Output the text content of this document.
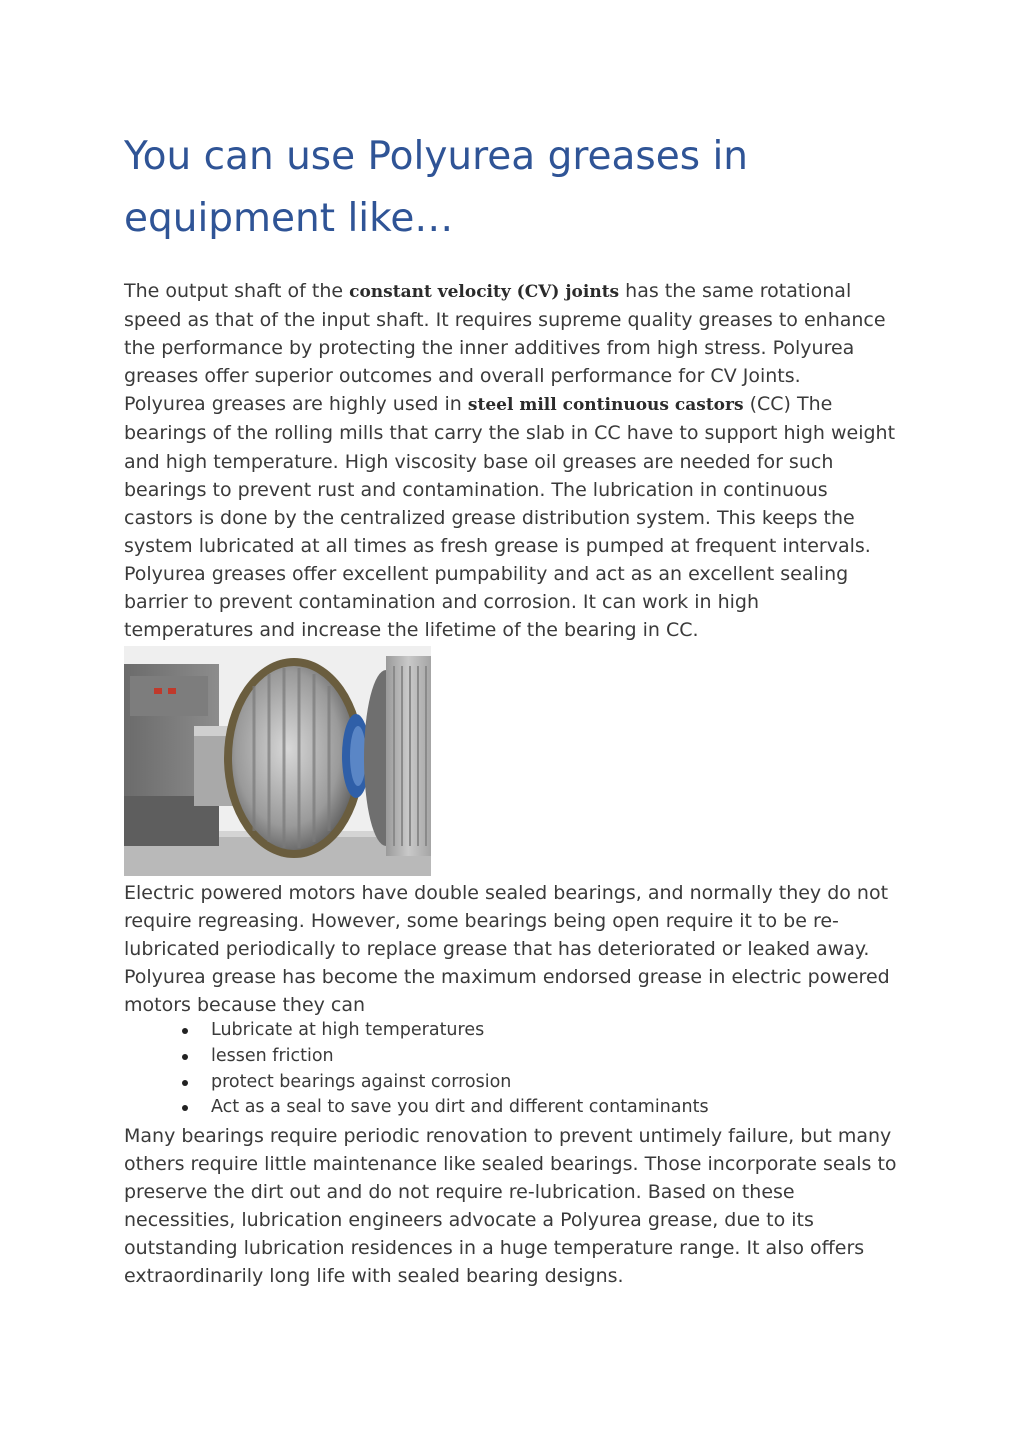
You can use Polyurea greases in
equipment like…

The output shaft of the constant velocity (CV) joints has the same rotational
speed as that of the input shaft. It requires supreme quality greases to enhance
the performance by protecting the inner additives from high stress. Polyurea
greases offer superior outcomes and overall performance for CV Joints.
Polyurea greases are highly used in steel mill continuous castors (CC) The
bearings of the rolling mills that carry the slab in CC have to support high weight
and high temperature. High viscosity base oil greases are needed for such
bearings to prevent rust and contamination. The lubrication in continuous
castors is done by the centralized grease distribution system. This keeps the
system lubricated at all times as fresh grease is pumped at frequent intervals.
Polyurea greases offer excellent pumpability and act as an excellent sealing
barrier to prevent contamination and corrosion. It can work in high
temperatures and increase the lifetime of the bearing in CC.

Electric powered motors have double sealed bearings, and normally they do not
require regreasing. However, some bearings being open require it to be re-
lubricated periodically to replace grease that has deteriorated or leaked away.
Polyurea grease has become the maximum endorsed grease in electric powered
motors because they can

Lubricate at high temperatures
lessen friction
protect bearings against corrosion
Act as a seal to save you dirt and different contaminants

Many bearings require periodic renovation to prevent untimely failure, but many
others require little maintenance like sealed bearings. Those incorporate seals to
preserve the dirt out and do not require re-lubrication. Based on these
necessities, lubrication engineers advocate a Polyurea grease, due to its
outstanding lubrication residences in a huge temperature range. It also offers
extraordinarily long life with sealed bearing designs.
